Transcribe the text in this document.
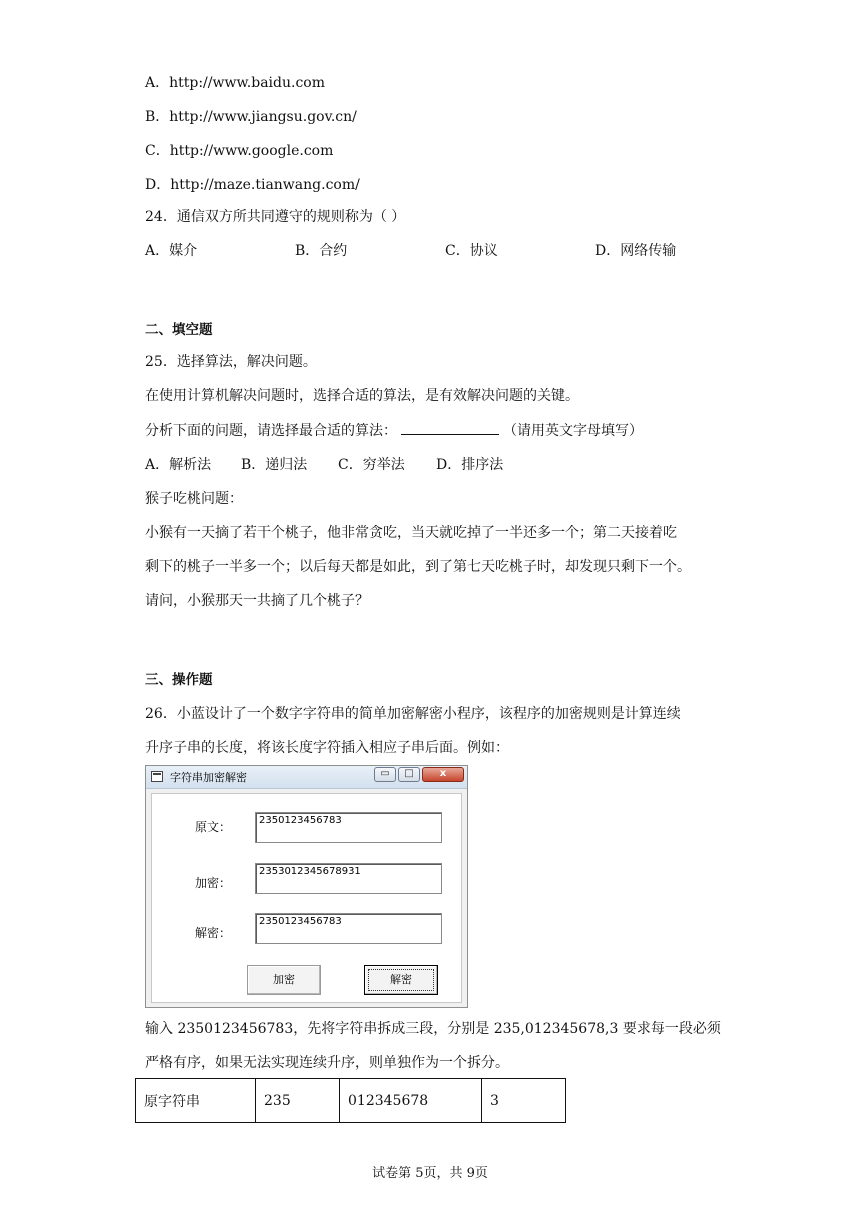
A．http://www.baidu.com
B．http://www.jiangsu.gov.cn/
C．http://www.google.com
D．http://maze.tianwang.com/
24．通信双方所共同遵守的规则称为（ ）
A．媒介	B．合约	C．协议	D．网络传输
二、填空题
25．选择算法，解决问题。
在使用计算机解决问题时，选择合适的算法，是有效解决问题的关键。
分析下面的问题，请选择最合适的算法：	（请用英文字母填写）
A．解析法 B．递归法 C．穷举法 D．排序法
猴子吃桃问题：
小猴有一天摘了若干个桃子，他非常贪吃，当天就吃掉了一半还多一个；第二天接着吃
剩下的桃子一半多一个；以后每天都是如此，到了第七天吃桃子时，却发现只剩下一个。
请问，小猴那天一共摘了几个桃子？
三、操作题
26．小蓝设计了一个数字字符串的简单加密解密小程序，该程序的加密规则是计算连续
升序子串的长度，将该长度字符插入相应子串后面。例如：
字符串加密解密	▭	□	x
原文：	2350123456783
加密：
2353012345678931
解密：
2350123456783
加密	解密
输入 2350123456783，先将字符串拆成三段，分别是 235,012345678,3 要求每一段必须
严格有序，如果无法实现连续升序，则单独作为一个拆分。
原字符串	235	012345678	3
试卷第 5页，共 9页
